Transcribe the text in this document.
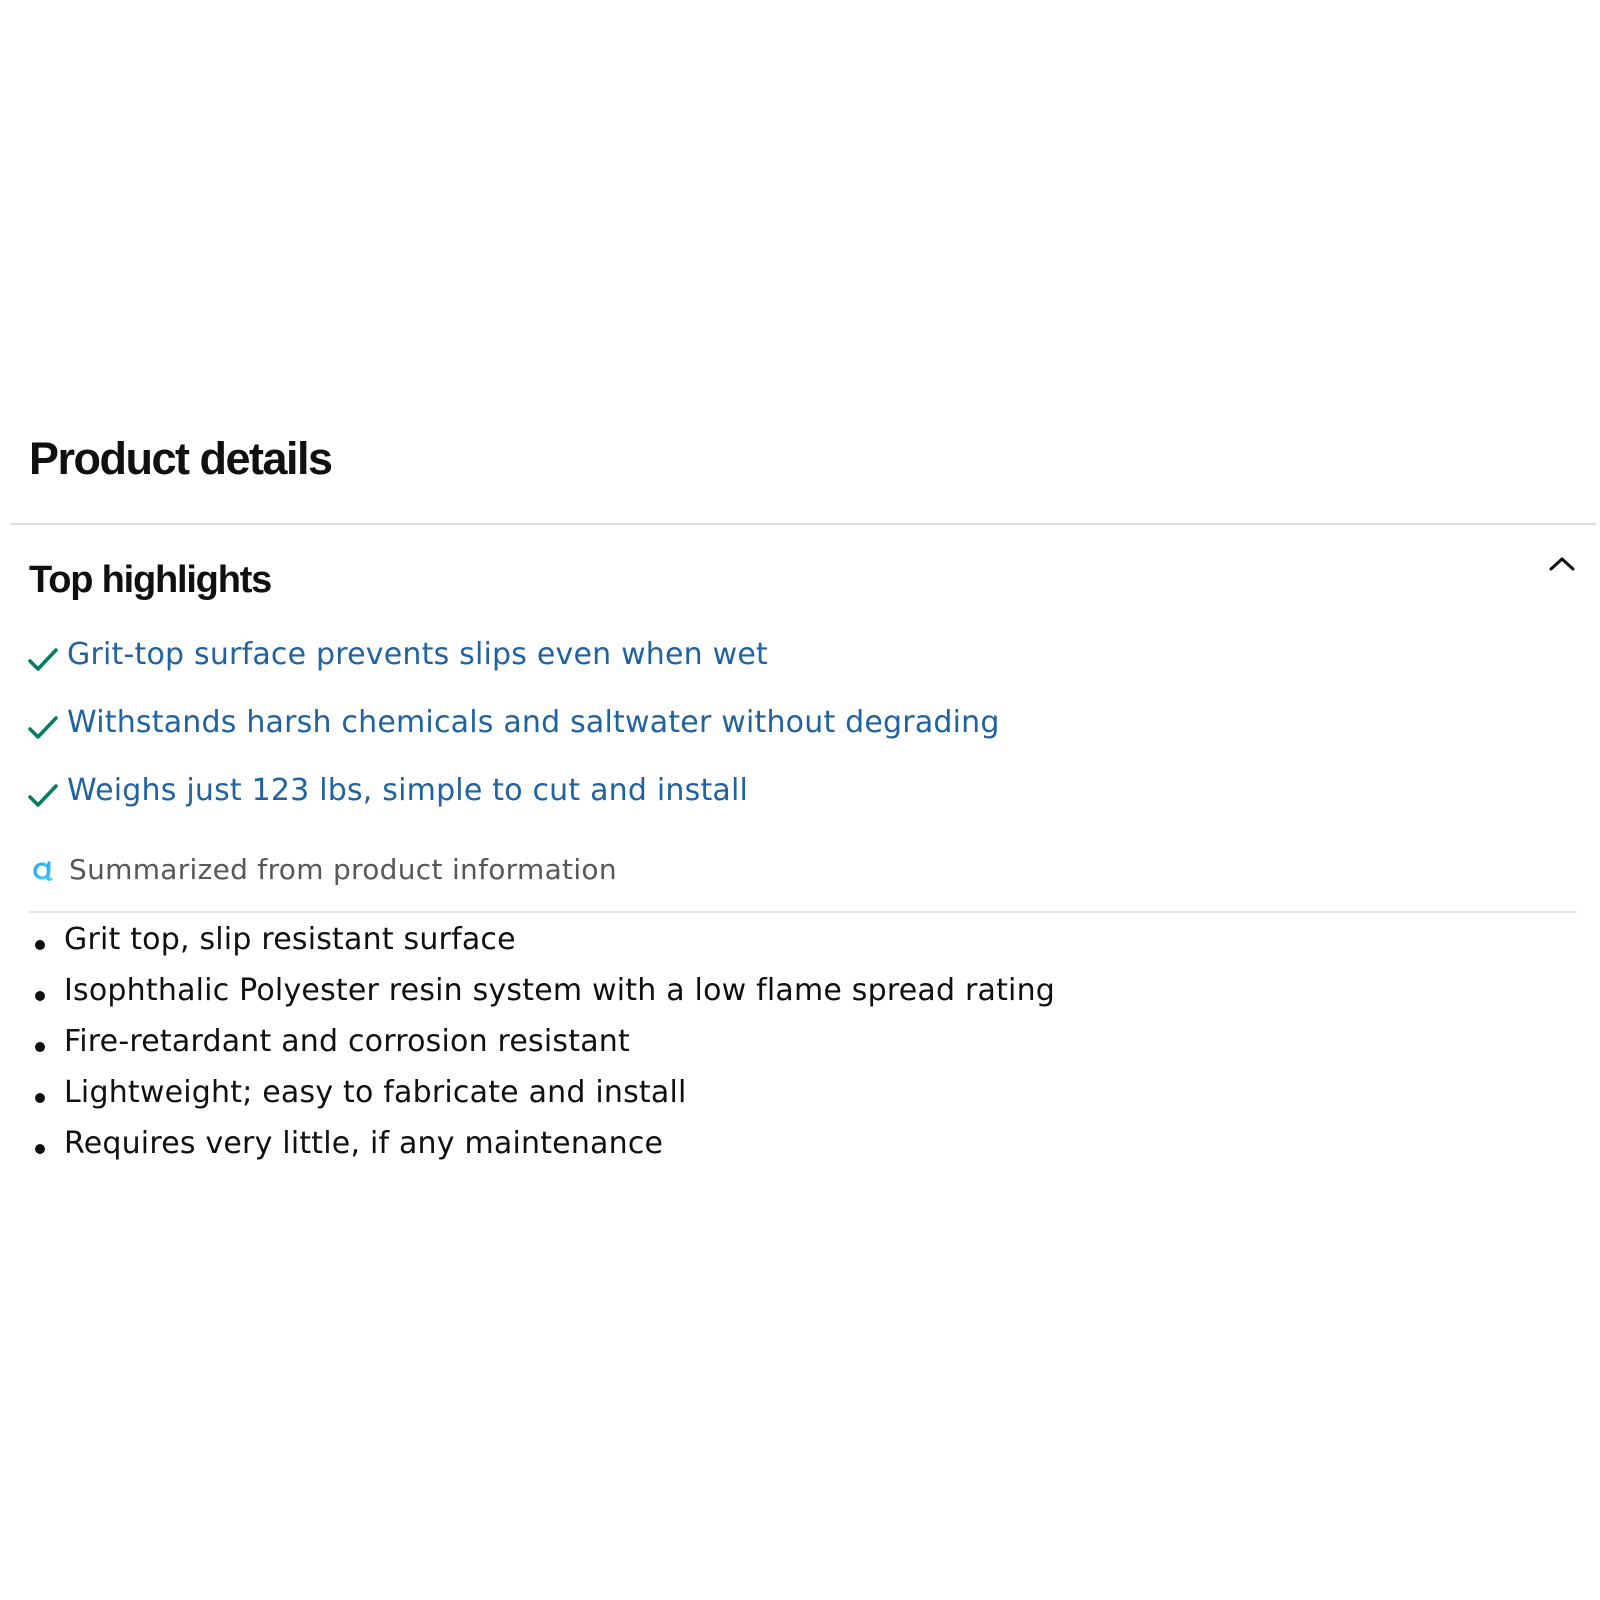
Product details
Top highlights
Grit-top surface prevents slips even when wet
Withstands harsh chemicals and saltwater without degrading
Weighs just 123 lbs, simple to cut and install
Summarized from product information
Grit top, slip resistant surface
Isophthalic Polyester resin system with a low flame spread rating
Fire-retardant and corrosion resistant
Lightweight; easy to fabricate and install
Requires very little, if any maintenance
